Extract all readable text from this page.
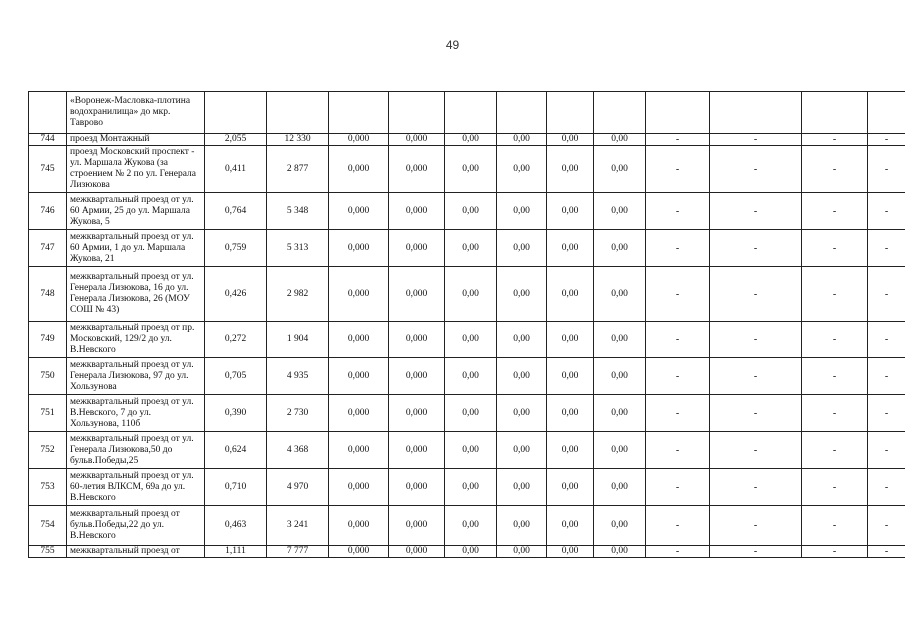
49
	«Воронеж-Масловка-плотина водохранилища» до мкр. Таврово												
744	проезд Монтажный	2,055	12 330	0,000	0,000	0,00	0,00	0,00	0,00	-	-	-	-
745	проезд Московский проспект - ул. Маршала Жукова (за строением № 2 по ул. Генерала Лизюкова	0,411	2 877	0,000	0,000	0,00	0,00	0,00	0,00	-	-	-	-
746	межквартальный проезд от ул. 60 Армии, 25 до ул. Маршала Жукова, 5	0,764	5 348	0,000	0,000	0,00	0,00	0,00	0,00	-	-	-	-
747	межквартальный проезд от ул. 60 Армии, 1 до ул. Маршала Жукова, 21	0,759	5 313	0,000	0,000	0,00	0,00	0,00	0,00	-	-	-	-
748	межквартальный проезд от ул. Генерала Лизюкова, 16 до ул. Генерала Лизюкова, 26 (МОУ СОШ № 43)	0,426	2 982	0,000	0,000	0,00	0,00	0,00	0,00	-	-	-	-
749	межквартальный проезд от пр. Московский, 129/2 до ул. В.Невского	0,272	1 904	0,000	0,000	0,00	0,00	0,00	0,00	-	-	-	-
750	межквартальный проезд от ул. Генерала Лизюкова, 97 до ул. Хользунова	0,705	4 935	0,000	0,000	0,00	0,00	0,00	0,00	-	-	-	-
751	межквартальный проезд от ул. В.Невского, 7 до ул. Хользунова, 110б	0,390	2 730	0,000	0,000	0,00	0,00	0,00	0,00	-	-	-	-
752	межквартальный проезд от ул. Генерала Лизюкова,50 до бульв.Победы,25	0,624	4 368	0,000	0,000	0,00	0,00	0,00	0,00	-	-	-	-
753	межквартальный проезд от ул. 60-летия ВЛКСМ, 69а до ул. В.Невского	0,710	4 970	0,000	0,000	0,00	0,00	0,00	0,00	-	-	-	-
754	межквартальный проезд от бульв.Победы,22 до ул. В.Невского	0,463	3 241	0,000	0,000	0,00	0,00	0,00	0,00	-	-	-	-
755	межквартальный проезд от	1,111	7 777	0,000	0,000	0,00	0,00	0,00	0,00	-	-	-	-
